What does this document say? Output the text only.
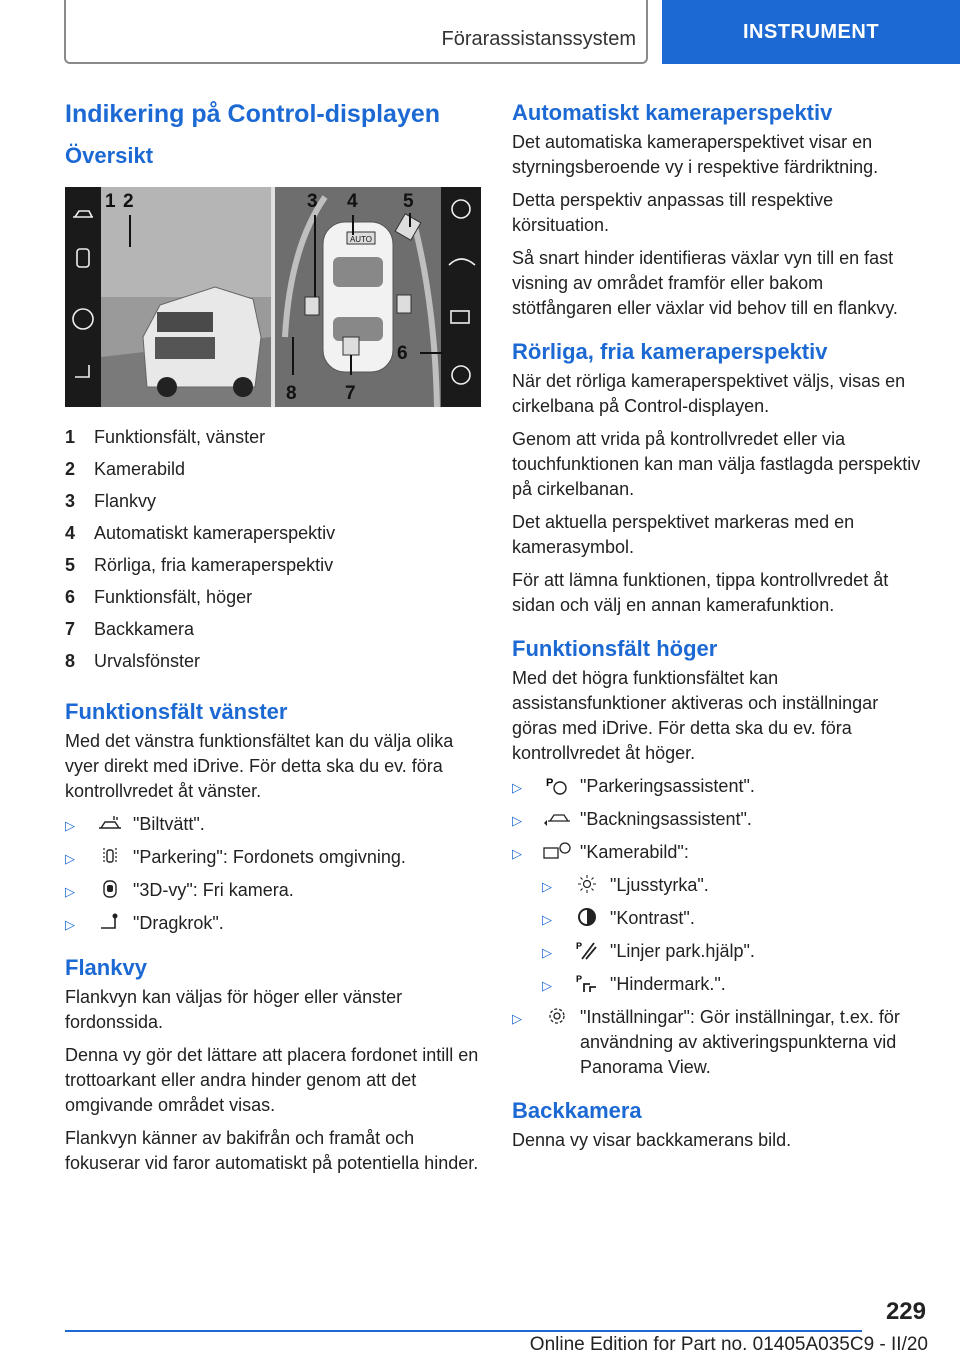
Förarassistanssystem	INSTRUMENT
Indikering på Control-displayen
Översikt
AUTO
1 2	3 4 5
6
7
8
1	Funktionsfält, vänster
2	Kamerabild
3	Flankvy
4	Automatiskt kameraperspektiv
5	Rörliga, fria kameraperspektiv
6	Funktionsfält, höger
7	Backkamera
8	Urvalsfönster
Funktionsfält vänster

Med det vänstra funktionsfältet kan du välja olika vyer direkt med iDrive. För detta ska du ev. föra kontrollvredet åt vänster.

▷	"Biltvätt".
▷	"Parkering": Fordonets omgivning.
▷	"3D-vy": Fri kamera.
▷	"Dragkrok".
Flankvy

Flankvyn kan väljas för höger eller vänster fordonssida.

Denna vy gör det lättare att placera fordonet intill en trottoarkant eller andra hinder genom att det omgivande området visas.

Flankvyn känner av bakifrån och framåt och fokuserar vid faror automatiskt på potentiella hinder.

Automatiskt kameraperspektiv

Det automatiska kameraperspektivet visar en styrningsberoende vy i respektive färdriktning.

Detta perspektiv anpassas till respektive körsituation.

Så snart hinder identifieras växlar vyn till en fast visning av området framför eller bakom stötfångaren eller växlar vid behov till en flankvy.

Rörliga, fria kameraperspektiv

När det rörliga kameraperspektivet väljs, visas en cirkelbana på Control-displayen.

Genom att vrida på kontrollvredet eller via touchfunktionen kan man välja fastlagda perspektiv på cirkelbanan.

Det aktuella perspektivet markeras med en kamerasymbol.

För att lämna funktionen, tippa kontrollvredet åt sidan och välj en annan kamerafunktion.

Funktionsfält höger

Med det högra funktionsfältet kan assistansfunktioner aktiveras och inställningar göras med iDrive. För detta ska du ev. föra kontrollvredet åt höger.

▷	P "Parkeringsassistent".
▷	"Backningsassistent".
▷	"Kamerabild":
▷	"Ljusstyrka".
▷	"Kontrast".
▷	P "Linjer park.hjälp".
▷	P "Hindermark.".
▷	"Inställningar": Gör inställningar, t.ex. för användning av aktiveringspunkterna vid Panorama View.
Backkamera

Denna vy visar backkamerans bild.

229
Online Edition for Part no. 01405A035C9 - II/20
